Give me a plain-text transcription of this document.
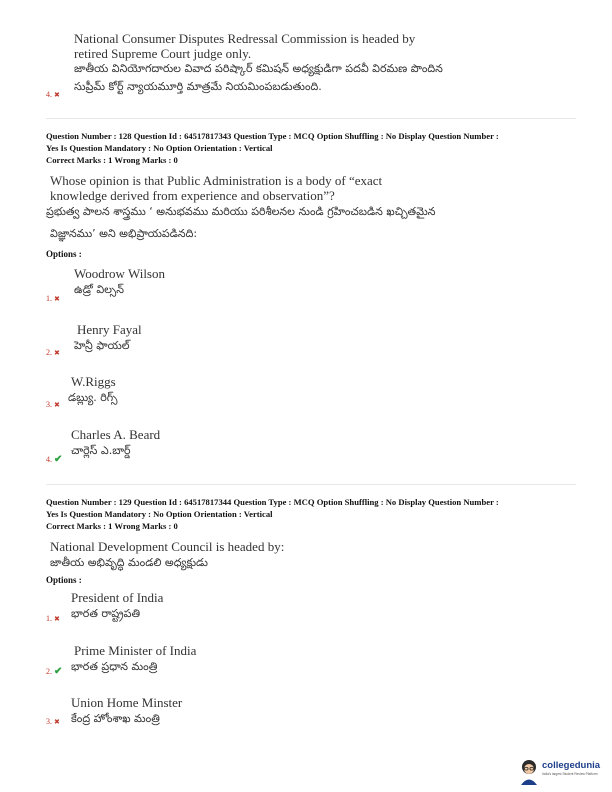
National Consumer Disputes Redressal Commission is headed by
retired Supreme Court judge only.
జాతీయ వినియోగదారుల వివాద పరిష్కార్ కమిషన్ అధ్యక్షుడిగా పదవీ విరమణ పొందిన
సుప్రీమ్ కోర్ట్ న్యాయమూర్తి మాత్రమే నియమింపబడుతుంది.
4. ✖
Question Number : 128 Question Id : 64517817343 Question Type : MCQ Option Shuffling : No Display Question Number :
Yes Is Question Mandatory : No Option Orientation : Vertical
Correct Marks : 1 Wrong Marks : 0
Whose opinion is that Public Administration is a body of “exact
knowledge derived from experience and observation”?
ప్రభుత్వ పాలన శాస్త్రము ‘ అనుభవము మరియు పరిశీలనల నుండి గ్రహించబడిన ఖచ్చితమైన
విజ్ఞానము’ అని అభిప్రాయపడినది:
Options :
Woodrow Wilson
ఉడ్రో విల్సన్
1. ✖
Henry Fayal
హెన్రీ ఫాయల్
2. ✖
W.Riggs
డబ్ల్యు. రిగ్స్
3. ✖
Charles A. Beard
చార్లెస్ ఎ.బార్డ్
4. ✔
Question Number : 129 Question Id : 64517817344 Question Type : MCQ Option Shuffling : No Display Question Number :
Yes Is Question Mandatory : No Option Orientation : Vertical
Correct Marks : 1 Wrong Marks : 0
National Development Council is headed by:
జాతీయ అభివృద్ధి మండలి అధ్యక్షుడు
Options :
President of India
భారత రాష్ట్రపతి
1. ✖
Prime Minister of India
భారత ప్రధాన మంత్రి
2. ✔
Union Home Minster
కేంద్ర హోంశాఖ మంత్రి
3. ✖
collegedunia
India's largest Student Review Platform
